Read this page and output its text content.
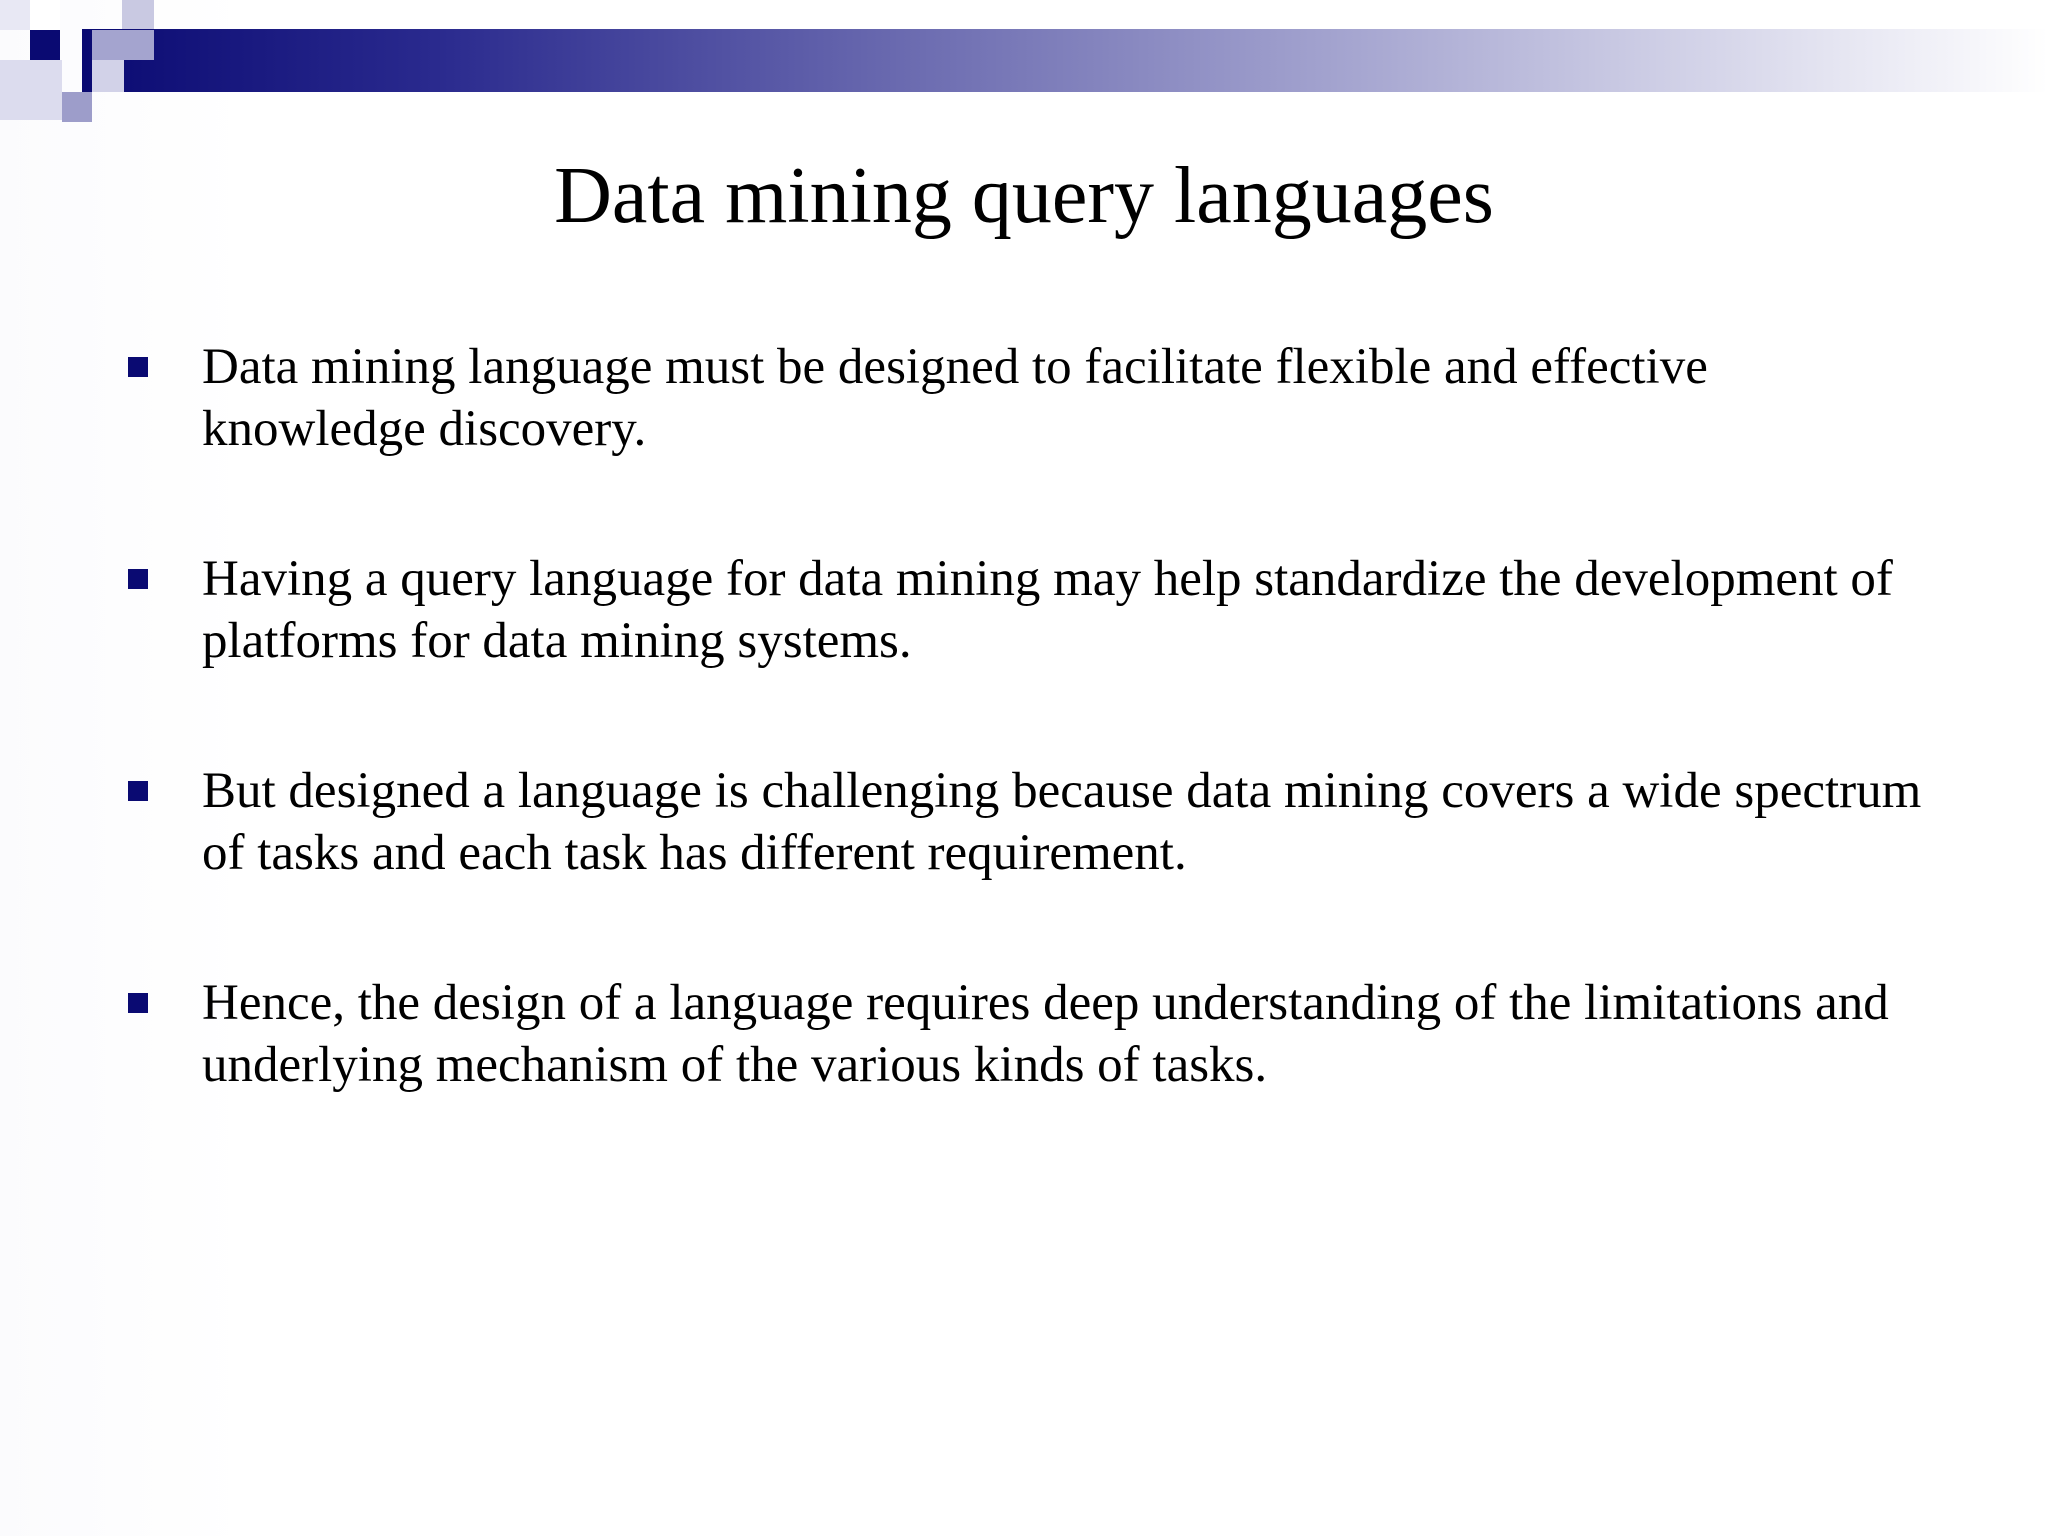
Data mining query languages
Data mining language must be designed to facilitate flexible and effective knowledge discovery.
Having a query language for data mining may help standardize the development of platforms for data mining systems.
But designed a language is challenging because data mining covers a wide spectrum of tasks and each task has different requirement.
Hence, the design of a language requires deep understanding of the limitations and underlying mechanism of the various kinds of tasks.
